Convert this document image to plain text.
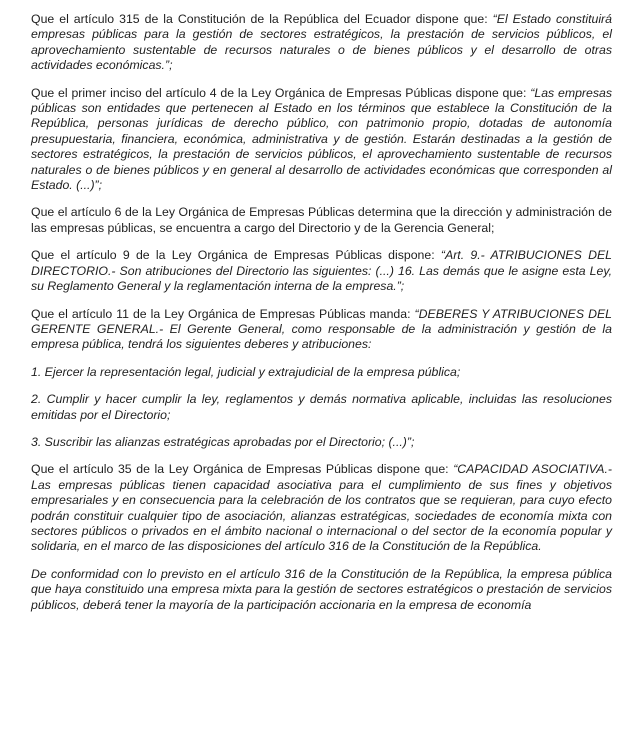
Que el artículo 315 de la Constitución de la República del Ecuador dispone que: “El Estado constituirá empresas públicas para la gestión de sectores estratégicos, la prestación de servicios públicos, el aprovechamiento sustentable de recursos naturales o de bienes públicos y el desarrollo de otras actividades económicas.”;

Que el primer inciso del artículo 4 de la Ley Orgánica de Empresas Públicas dispone que: “Las empresas públicas son entidades que pertenecen al Estado en los términos que establece la Constitución de la República, personas jurídicas de derecho público, con patrimonio propio, dotadas de autonomía presupuestaria, financiera, económica, administrativa y de gestión. Estarán destinadas a la gestión de sectores estratégicos, la prestación de servicios públicos, el aprovechamiento sustentable de recursos naturales o de bienes públicos y en general al desarrollo de actividades económicas que corresponden al Estado. (...)”;

Que el artículo 6 de la Ley Orgánica de Empresas Públicas determina que la dirección y administración de las empresas públicas, se encuentra a cargo del Directorio y de la Gerencia General;

Que el artículo 9 de la Ley Orgánica de Empresas Públicas dispone: “Art. 9.- ATRIBUCIONES DEL DIRECTORIO.- Son atribuciones del Directorio las siguientes: (...) 16. Las demás que le asigne esta Ley, su Reglamento General y la reglamentación interna de la empresa.”;

Que el artículo 11 de la Ley Orgánica de Empresas Públicas manda: “DEBERES Y ATRIBUCIONES DEL GERENTE GENERAL.- El Gerente General, como responsable de la administración y gestión de la empresa pública, tendrá los siguientes deberes y atribuciones:

1. Ejercer la representación legal, judicial y extrajudicial de la empresa pública;

2. Cumplir y hacer cumplir la ley, reglamentos y demás normativa aplicable, incluidas las resoluciones emitidas por el Directorio;

3. Suscribir las alianzas estratégicas aprobadas por el Directorio; (...)”;

Que el artículo 35 de la Ley Orgánica de Empresas Públicas dispone que: “CAPACIDAD ASOCIATIVA.- Las empresas públicas tienen capacidad asociativa para el cumplimiento de sus fines y objetivos empresariales y en consecuencia para la celebración de los contratos que se requieran, para cuyo efecto podrán constituir cualquier tipo de asociación, alianzas estratégicas, sociedades de economía mixta con sectores públicos o privados en el ámbito nacional o internacional o del sector de la economía popular y solidaria, en el marco de las disposiciones del artículo 316 de la Constitución de la República.

De conformidad con lo previsto en el artículo 316 de la Constitución de la República, la empresa pública que haya constituido una empresa mixta para la gestión de sectores estratégicos o prestación de servicios públicos, deberá tener la mayoría de la participación accionaria en la empresa de economía
